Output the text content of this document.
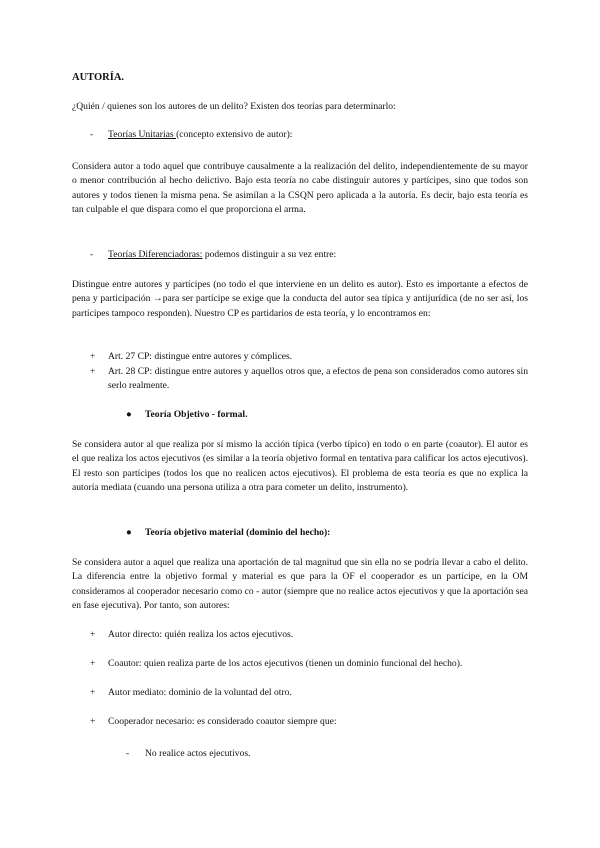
AUTORÍA.

¿Quién / quienes son los autores de un delito? Existen dos teorías para determinarlo:

- Teorías Unitarias (concepto extensivo de autor):

Considera autor a todo aquel que contribuye causalmente a la realización del delito, independientemente de su mayor o menor contribución al hecho delictivo. Bajo esta teoría no cabe distinguir autores y partícipes, sino que todos son autores y todos tienen la misma pena. Se asimilan a la CSQN pero aplicada a la autoría. Es decir, bajo esta teoría es tan culpable el que dispara como el que proporciona el arma.

- Teorías Diferenciadoras: podemos distinguir a su vez entre:

Distingue entre autores y partícipes (no todo el que interviene en un delito es autor). Esto es importante a efectos de pena y participación →para ser partícipe se exige que la conducta del autor sea típica y antijurídica (de no ser así, los partícipes tampoco responden). Nuestro CP es partidarios de esta teoría, y lo encontramos en:

+ Art. 27 CP: distingue entre autores y cómplices.
+ Art. 28 CP: distingue entre autores y aquellos otros que, a efectos de pena son considerados como autores sin serlo realmente.
● Teoría Objetivo - formal.

Se considera autor al que realiza por sí mismo la acción típica (verbo típico) en todo o en parte (coautor). El autor es el que realiza los actos ejecutivos (es similar a la teoría objetivo formal en tentativa para calificar los actos ejecutivos). El resto son partícipes (todos los que no realicen actos ejecutivos). El problema de esta teoría es que no explica la autoría mediata (cuando una persona utiliza a otra para cometer un delito, instrumento).

● Teoría objetivo material (dominio del hecho):

Se considera autor a aquel que realiza una aportación de tal magnitud que sin ella no se podría llevar a cabo el delito. La diferencia entre la objetivo formal y material es que para la OF el cooperador es un partícipe, en la OM consideramos al cooperador necesario como co - autor (siempre que no realice actos ejecutivos y que la aportación sea en fase ejecutiva). Por tanto, son autores:

+ Autor directo: quién realiza los actos ejecutivos.
+ Coautor: quien realiza parte de los actos ejecutivos (tienen un dominio funcional del hecho).
+ Autor mediato: dominio de la voluntad del otro.
+ Cooperador necesario: es considerado coautor siempre que:
- No realice actos ejecutivos.
